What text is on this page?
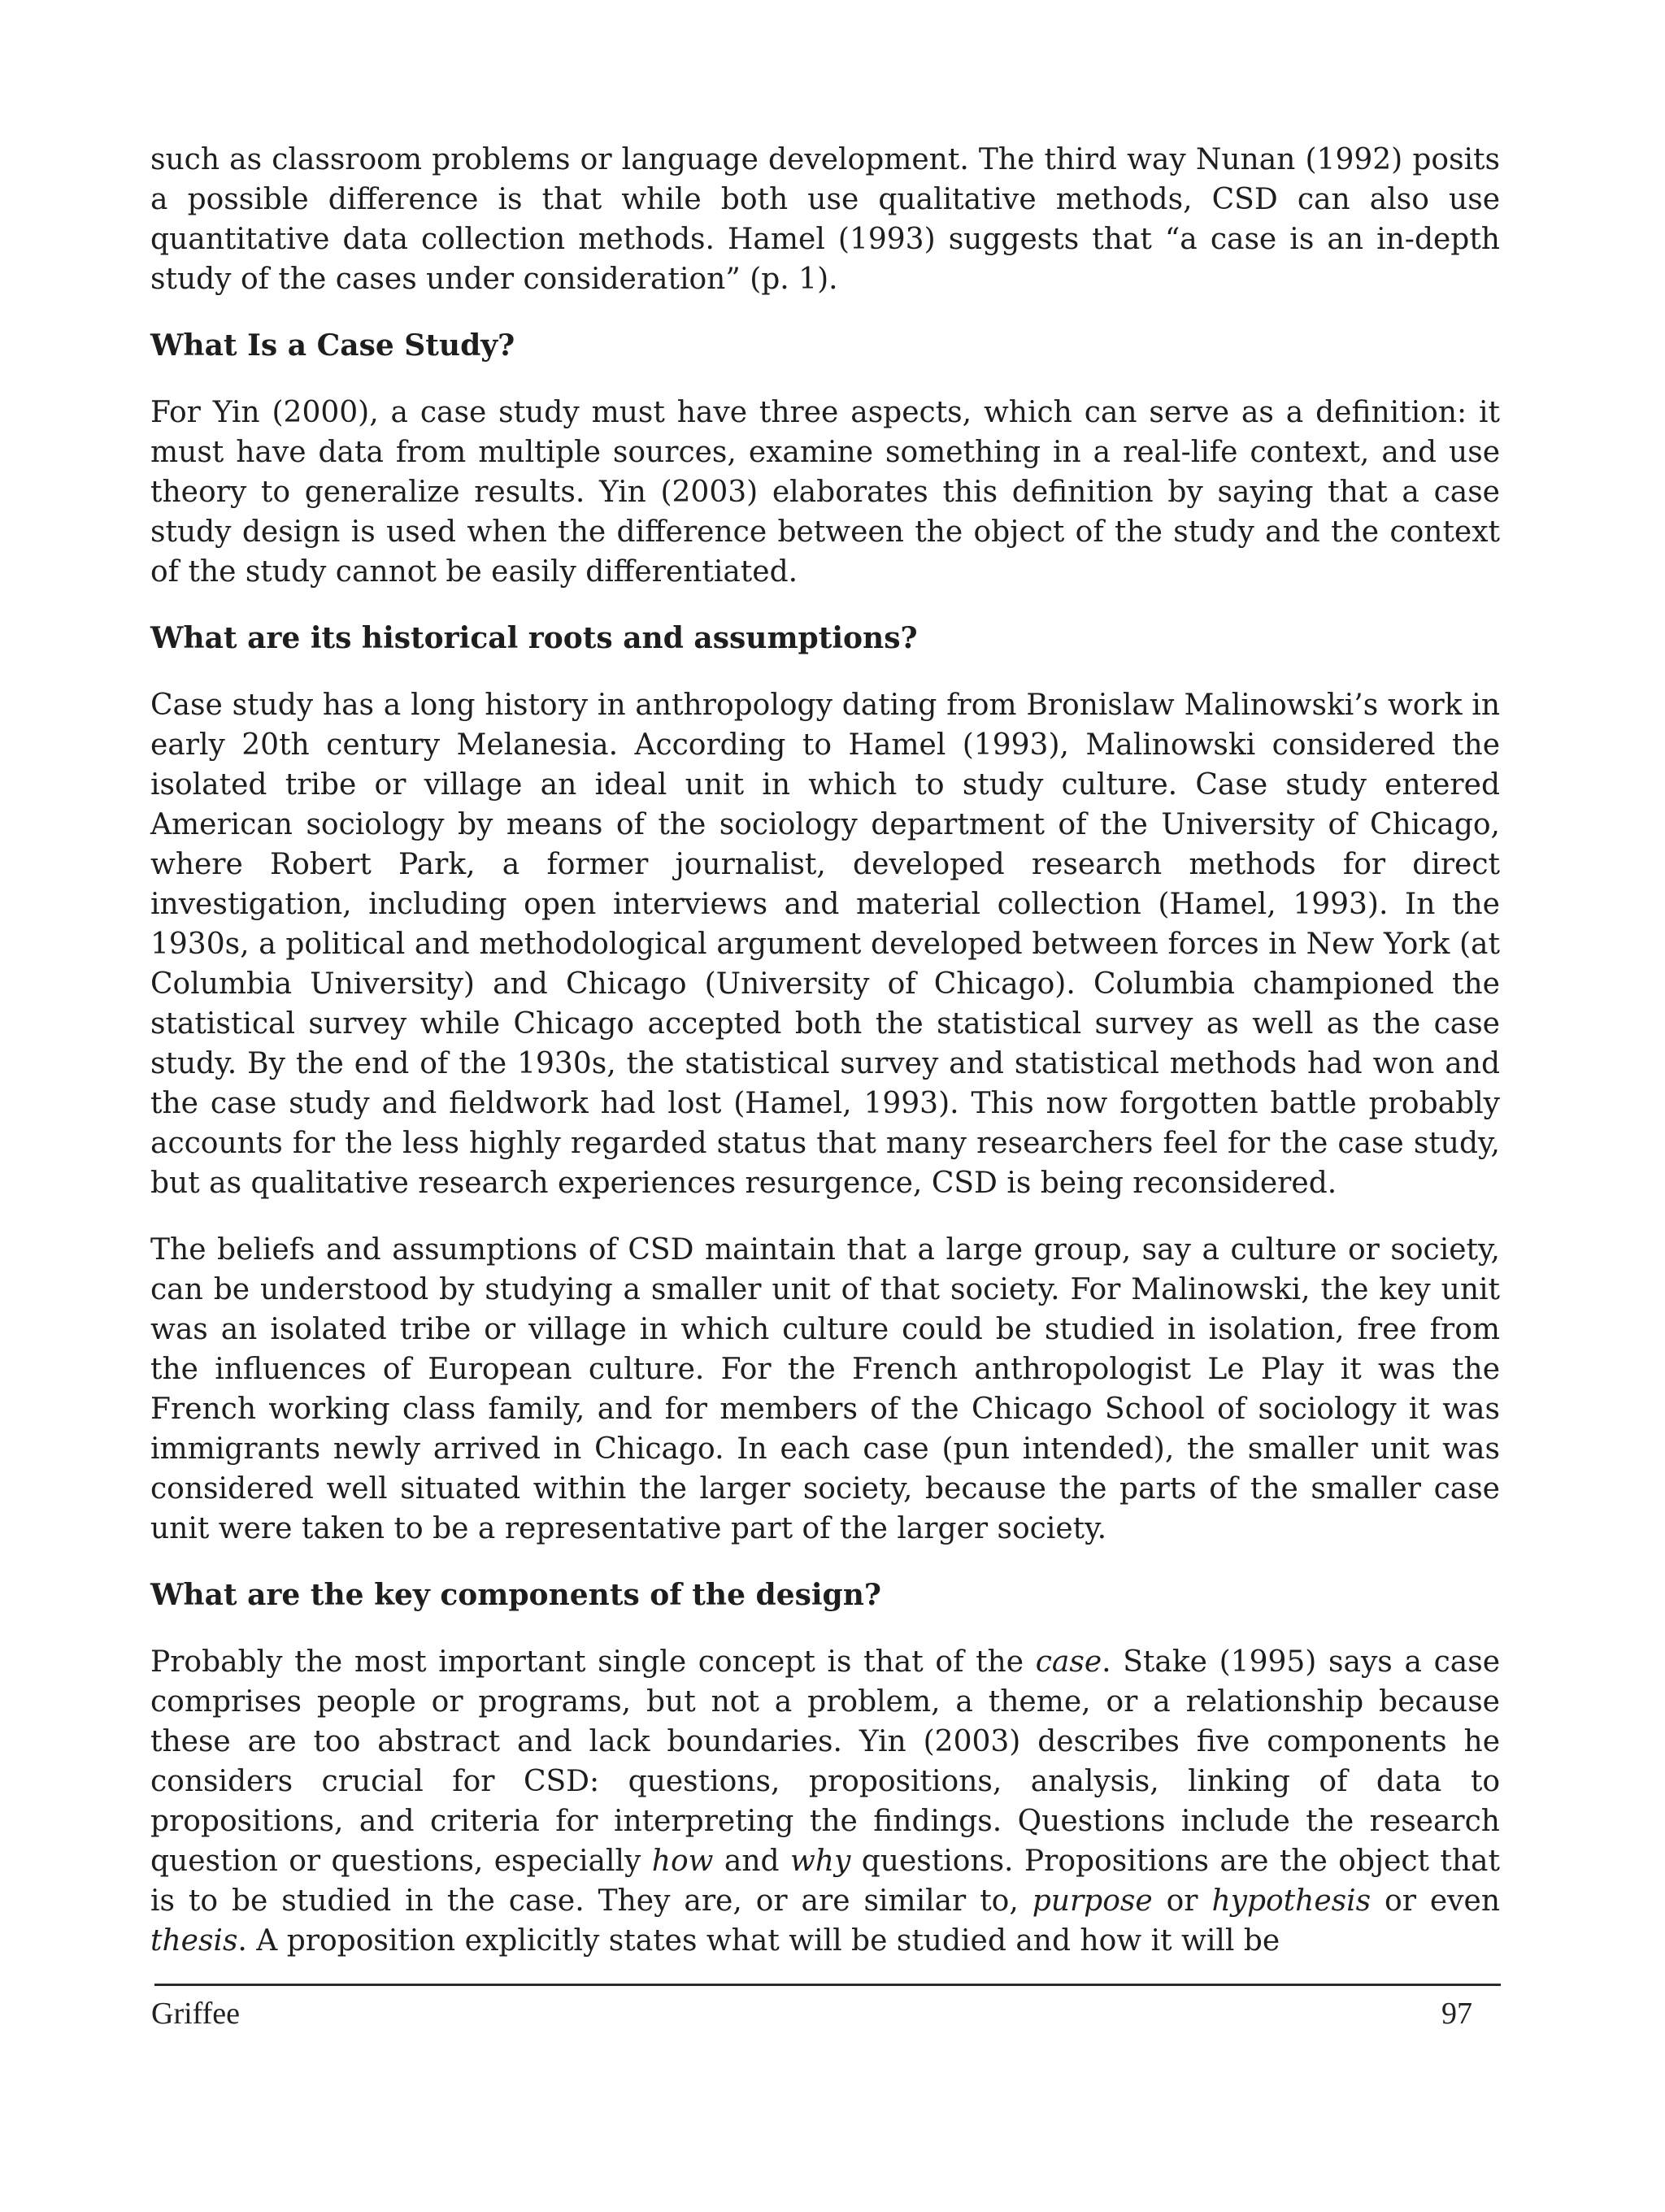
such as classroom problems or language development. The third way Nunan (1992) posits a possible difference is that while both use qualitative methods, CSD can also use quantitative data collection methods. Hamel (1993) suggests that “a case is an in-depth study of the cases under consideration” (p. 1).

What Is a Case Study?

For Yin (2000), a case study must have three aspects, which can serve as a definition: it must have data from multiple sources, examine something in a real-life context, and use theory to generalize results. Yin (2003) elaborates this definition by saying that a case study design is used when the difference between the object of the study and the context of the study cannot be easily differentiated.

What are its historical roots and assumptions?

Case study has a long history in anthropology dating from Bronislaw Malinowski’s work in early 20th century Melanesia. According to Hamel (1993), Malinowski considered the isolated tribe or village an ideal unit in which to study culture. Case study entered American sociology by means of the sociology department of the University of Chicago, where Robert Park, a former journalist, developed research methods for direct investigation, including open interviews and material collection (Hamel, 1993). In the 1930s, a political and methodological argument developed between forces in New York (at Columbia University) and Chicago (University of Chicago). Columbia championed the statistical survey while Chicago accepted both the statistical survey as well as the case study. By the end of the 1930s, the statistical survey and statistical methods had won and the case study and fieldwork had lost (Hamel, 1993). This now forgotten battle probably accounts for the less highly regarded status that many researchers feel for the case study, but as qualitative research experiences resurgence, CSD is being reconsidered.

The beliefs and assumptions of CSD maintain that a large group, say a culture or society, can be understood by studying a smaller unit of that society. For Malinowski, the key unit was an isolated tribe or village in which culture could be studied in isolation, free from the influences of European culture. For the French anthropologist Le Play it was the French working class family, and for members of the Chicago School of sociology it was immigrants newly arrived in Chicago. In each case (pun intended), the smaller unit was considered well situated within the larger society, because the parts of the smaller case unit were taken to be a representative part of the larger society.

What are the key components of the design?

Probably the most important single concept is that of the case. Stake (1995) says a case comprises people or programs, but not a problem, a theme, or a relationship because these are too abstract and lack boundaries. Yin (2003) describes five components he considers crucial for CSD: questions, propositions, analysis, linking of data to propositions, and criteria for interpreting the findings. Questions include the research question or questions, especially how and why questions. Propositions are the object that is to be studied in the case. They are, or are similar to, purpose or hypothesis or even thesis. A proposition explicitly states what will be studied and how it will be

Griffee	97
